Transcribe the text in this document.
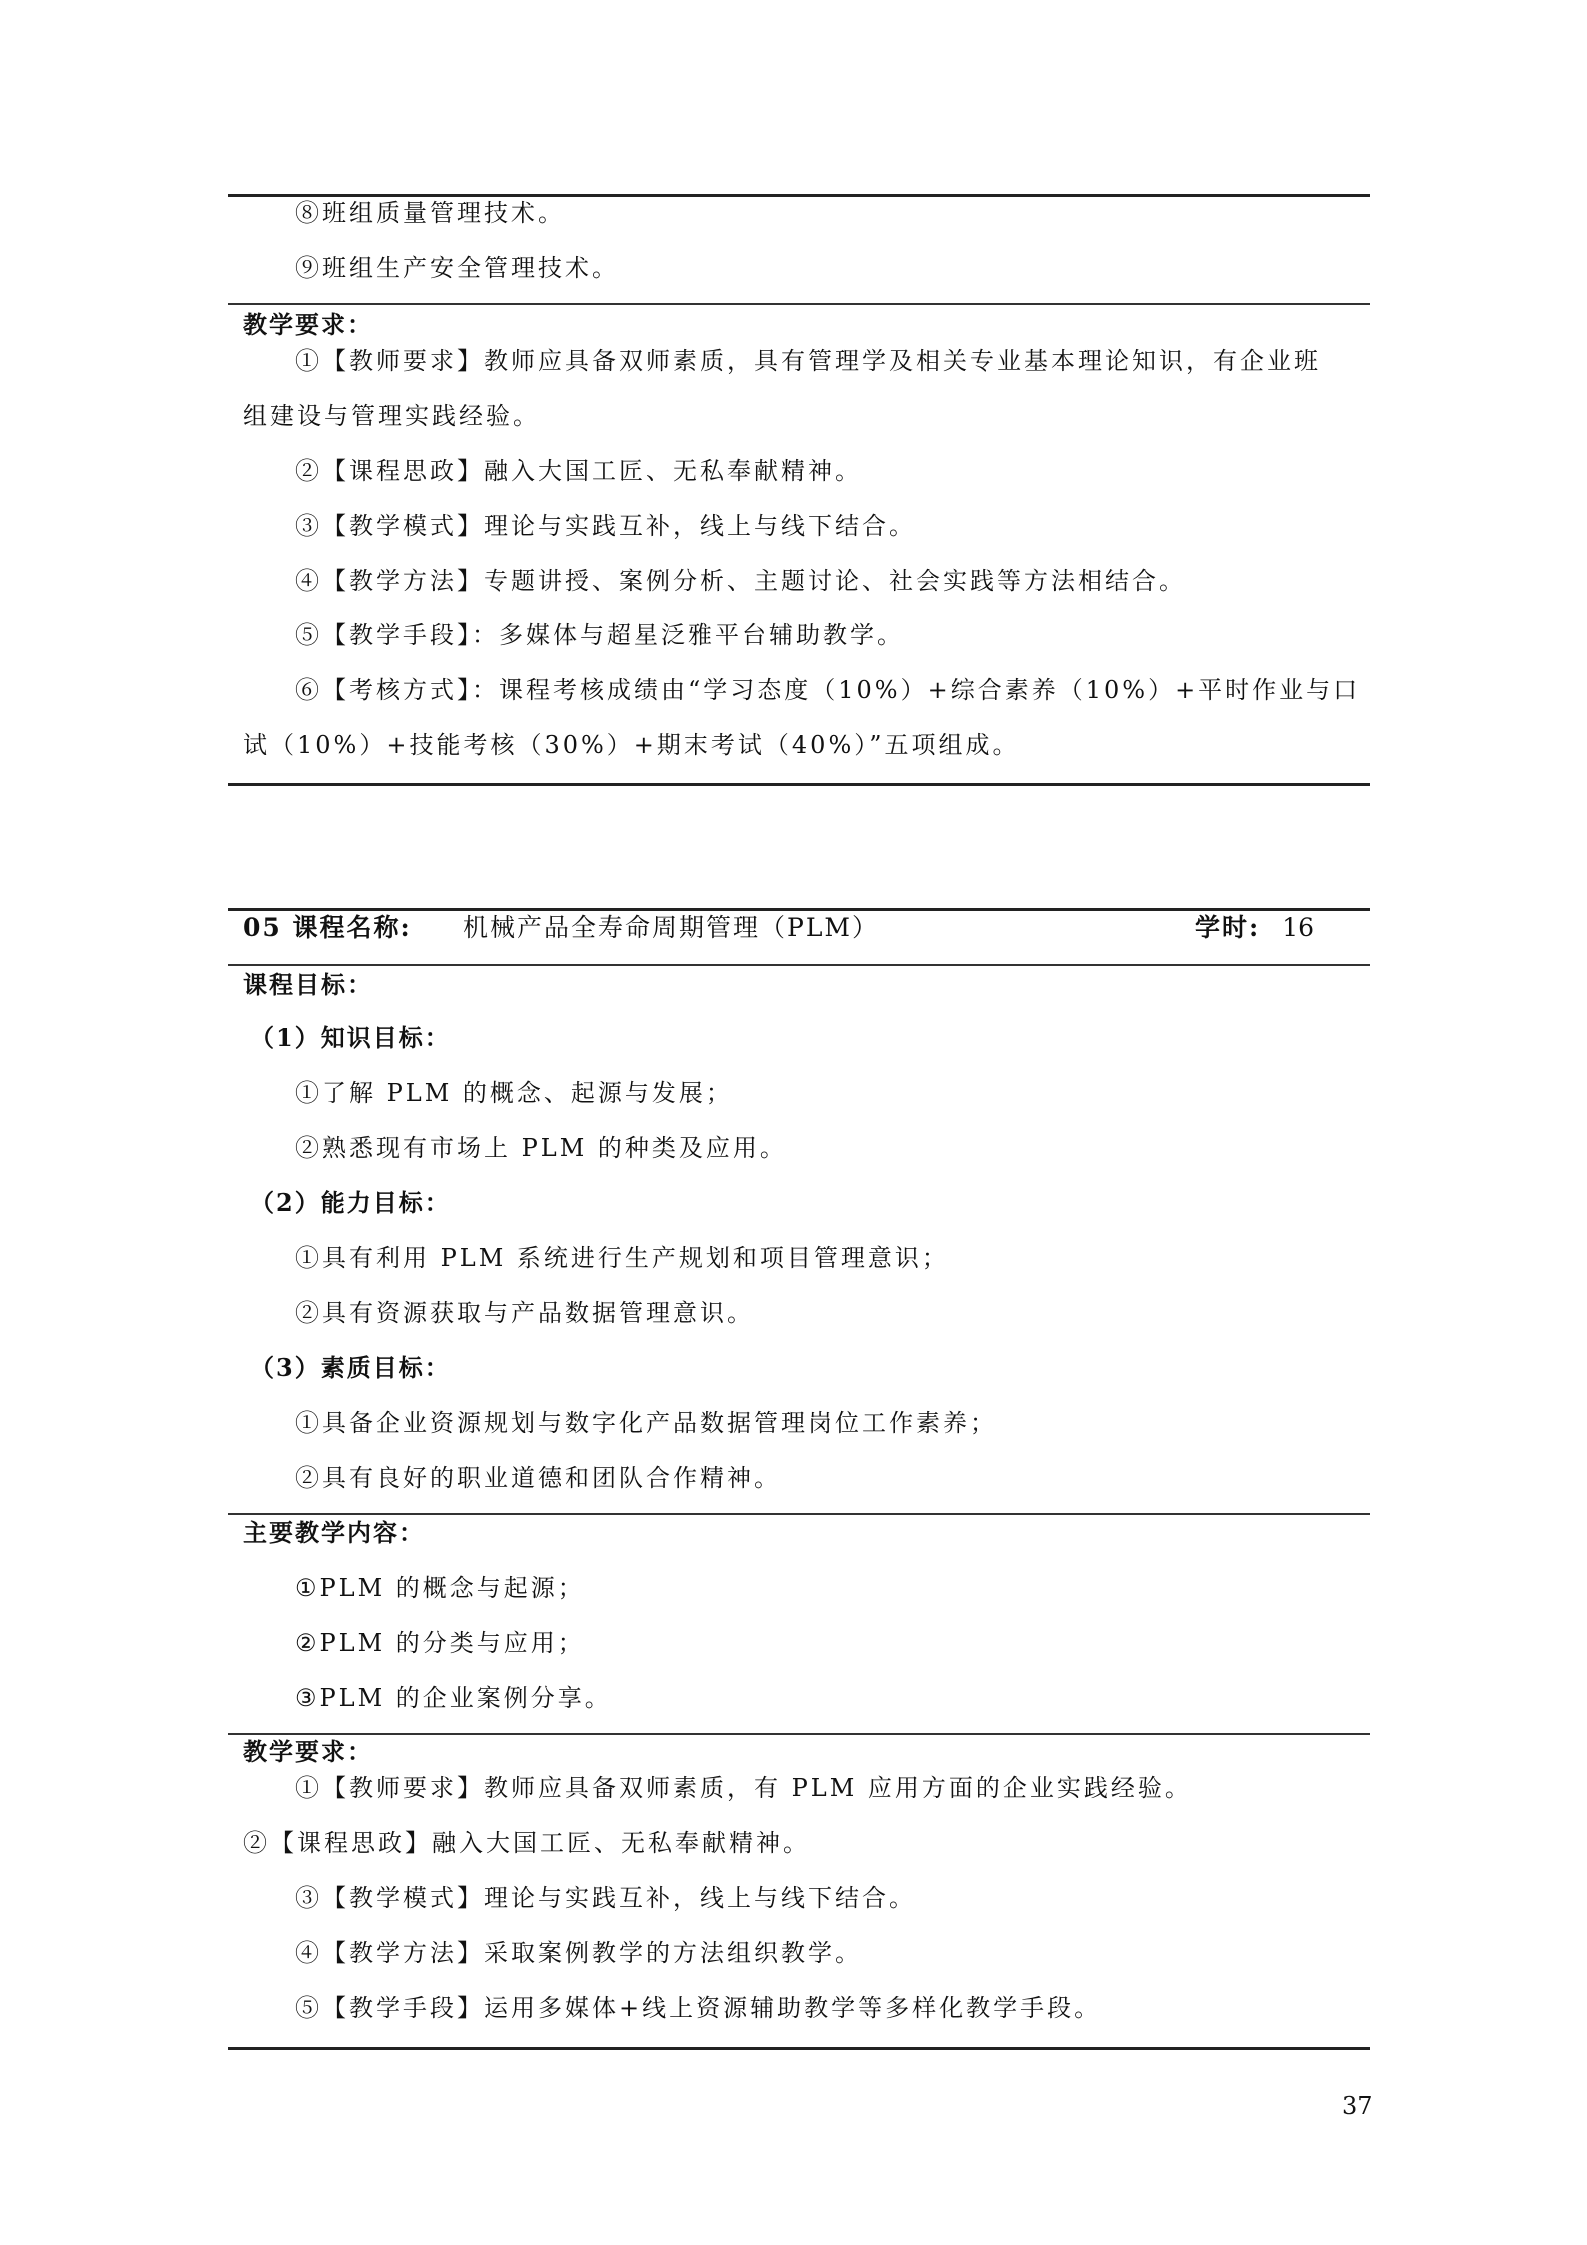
⑧班组质量管理技术。
⑨班组生产安全管理技术。
教学要求：
①【教师要求】教师应具备双师素质，具有管理学及相关专业基本理论知识，有企业班
组建设与管理实践经验。
②【课程思政】融入大国工匠、无私奉献精神。
③【教学模式】理论与实践互补，线上与线下结合。
④【教学方法】专题讲授、案例分析、主题讨论、社会实践等方法相结合。
⑤【教学手段】：多媒体与超星泛雅平台辅助教学。
⑥【考核方式】：课程考核成绩由“学习态度（10%）+综合素养（10%）+平时作业与口
试（10%）+技能考核（30%）+期末考试（40%）”五项组成。
05 课程名称: 机械产品全寿命周期管理（PLM）	学时: 16
课程目标：
（1）知识目标：
①了解 PLM 的概念、起源与发展；
②熟悉现有市场上 PLM 的种类及应用。
（2）能力目标：
①具有利用 PLM 系统进行生产规划和项目管理意识；
②具有资源获取与产品数据管理意识。
（3）素质目标：
①具备企业资源规划与数字化产品数据管理岗位工作素养；
②具有良好的职业道德和团队合作精神。
主要教学内容：
①PLM 的概念与起源；
②PLM 的分类与应用；
③PLM 的企业案例分享。
教学要求：
①【教师要求】教师应具备双师素质，有 PLM 应用方面的企业实践经验。
②【课程思政】融入大国工匠、无私奉献精神。
③【教学模式】理论与实践互补，线上与线下结合。
④【教学方法】采取案例教学的方法组织教学。
⑤【教学手段】运用多媒体+线上资源辅助教学等多样化教学手段。
37
